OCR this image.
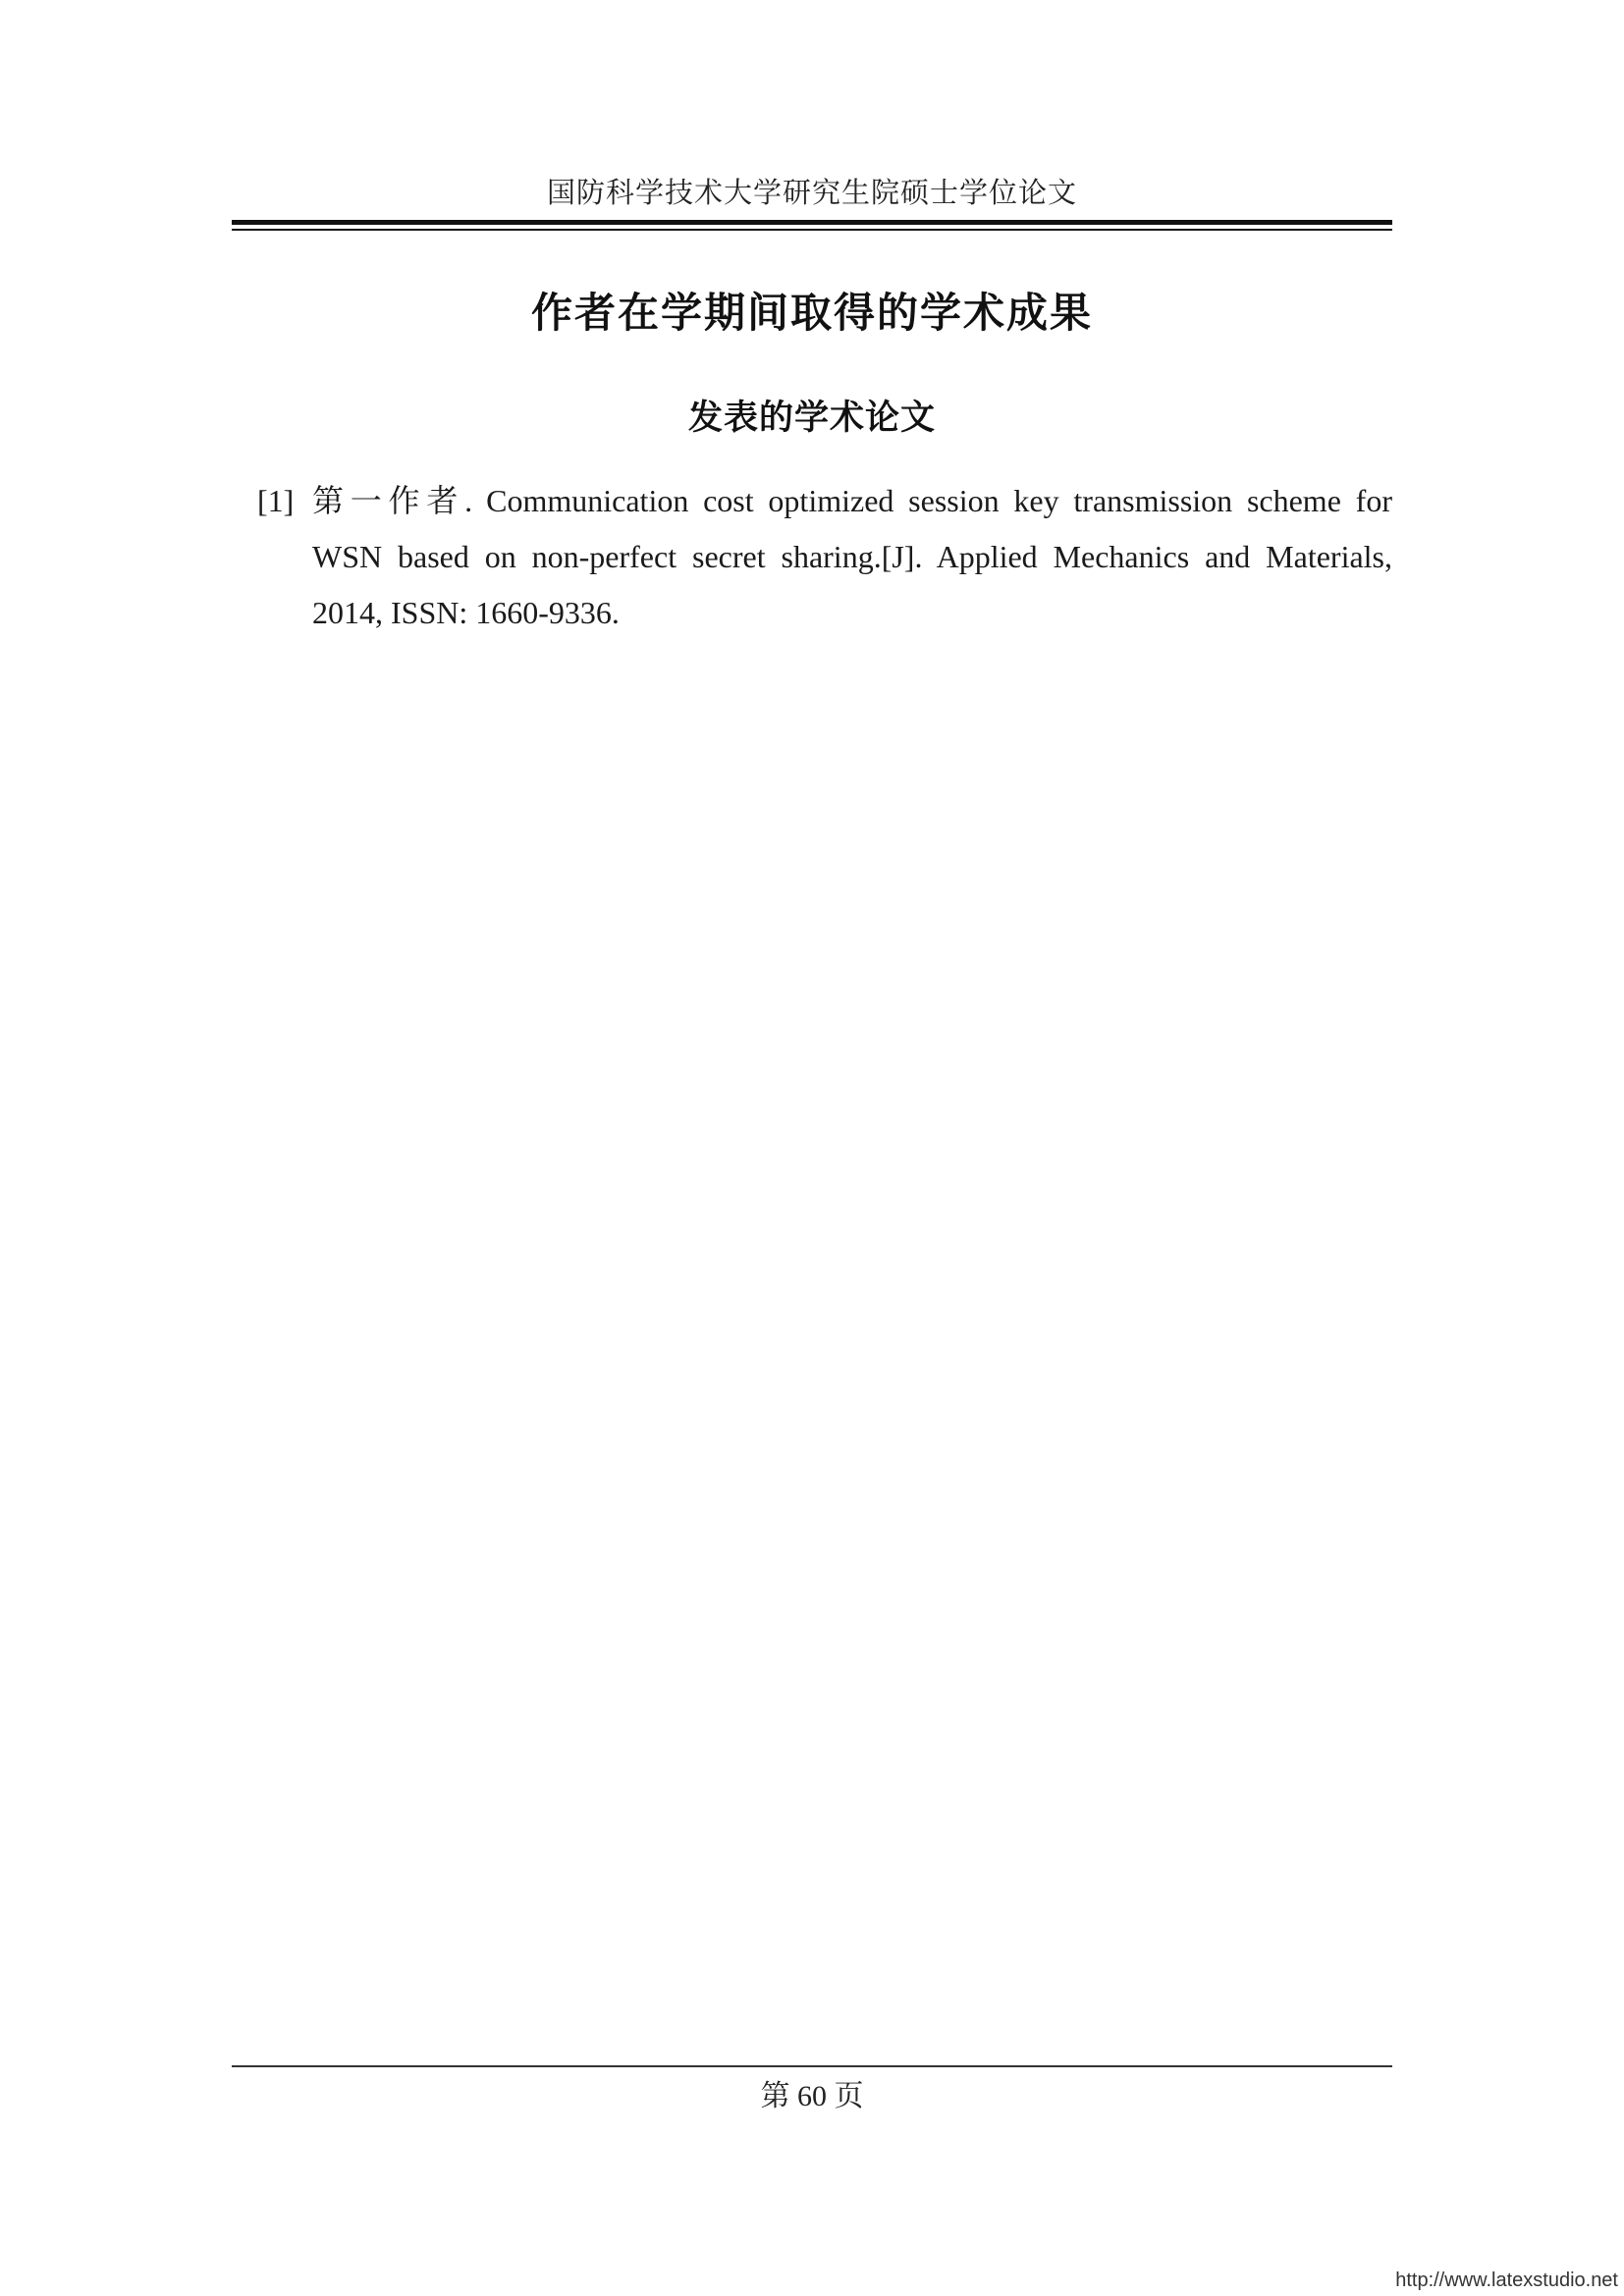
国防科学技术大学研究生院硕士学位论文
作者在学期间取得的学术成果
发表的学术论文
[1] 第一作者. Communication cost optimized session key transmission scheme for WSN based on non-perfect secret sharing.[J]. Applied Mechanics and Materials, 2014, ISSN: 1660-9336.
第 60 页
http://www.latexstudio.net
